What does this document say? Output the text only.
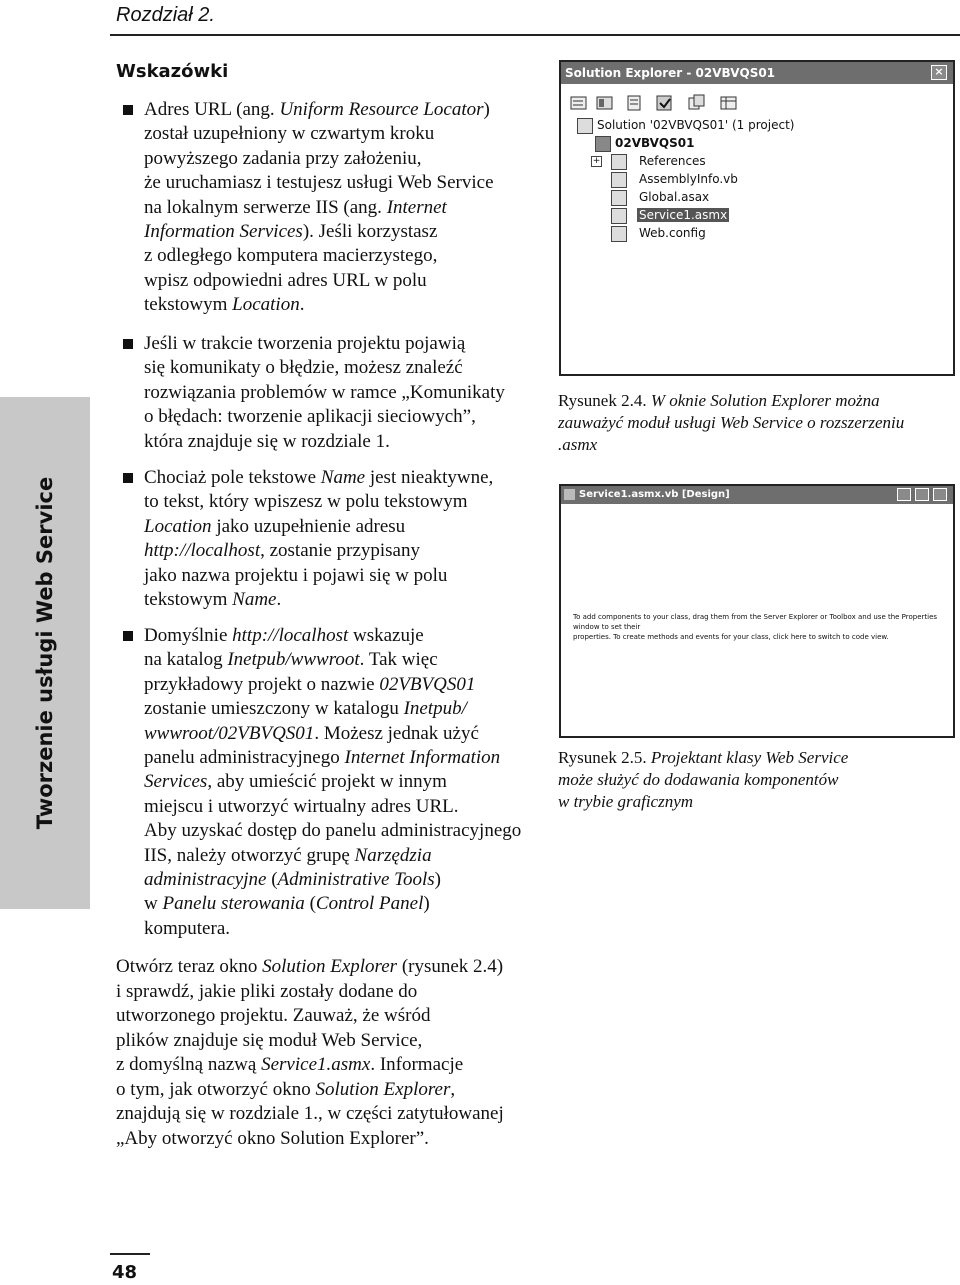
Rozdział 2.
Tworzenie usługi Web Service
Wskazówki
Adres URL (ang. Uniform Resource Locator)
został uzupełniony w czwartym kroku
powyższego zadania przy założeniu,
że uruchamiasz i testujesz usługi Web Service
na lokalnym serwerze IIS (ang. Internet
Information Services). Jeśli korzystasz
z odległego komputera macierzystego,
wpisz odpowiedni adres URL w polu
tekstowym Location.
Jeśli w trakcie tworzenia projektu pojawią
się komunikaty o błędzie, możesz znaleźć
rozwiązania problemów w ramce „Komunikaty
o błędach: tworzenie aplikacji sieciowych”,
która znajduje się w rozdziale 1.
Chociaż pole tekstowe Name jest nieaktywne,
to tekst, który wpiszesz w polu tekstowym
Location jako uzupełnienie adresu
http://localhost, zostanie przypisany
jako nazwa projektu i pojawi się w polu
tekstowym Name.
Domyślnie http://localhost wskazuje
na katalog Inetpub/wwwroot. Tak więc
przykładowy projekt o nazwie 02VBVQS01
zostanie umieszczony w katalogu Inetpub/
wwwroot/02VBVQS01. Możesz jednak użyć
panelu administracyjnego Internet Information
Services, aby umieścić projekt w innym
miejscu i utworzyć wirtualny adres URL.
Aby uzyskać dostęp do panelu administracyjnego
IIS, należy otworzyć grupę Narzędzia
administracyjne (Administrative Tools)
w Panelu sterowania (Control Panel)
komputera.
Otwórz teraz okno Solution Explorer (rysunek 2.4)
i sprawdź, jakie pliki zostały dodane do
utworzonego projektu. Zauważ, że wśród
plików znajduje się moduł Web Service,
z domyślną nazwą Service1.asmx. Informacje
o tym, jak otworzyć okno Solution Explorer,
znajdują się w rozdziale 1., w części zatytułowanej
„Aby otworzyć okno Solution Explorer”.
Solution Explorer - 02VBVQS01	×
Solution '02VBVQS01' (1 project)
02VBVQS01
+	References
AssemblyInfo.vb
Global.asax
Service1.asmx
Web.config
Rysunek 2.4. W oknie Solution Explorer można
zauważyć moduł usługi Web Service o rozszerzeniu
.asmx
Service1.asmx.vb [Design]
To add components to your class, drag them from the Server Explorer or Toolbox and use the Properties window to set their
properties. To create methods and events for your class, click here to switch to code view.
Rysunek 2.5. Projektant klasy Web Service
może służyć do dodawania komponentów
w trybie graficznym
48
